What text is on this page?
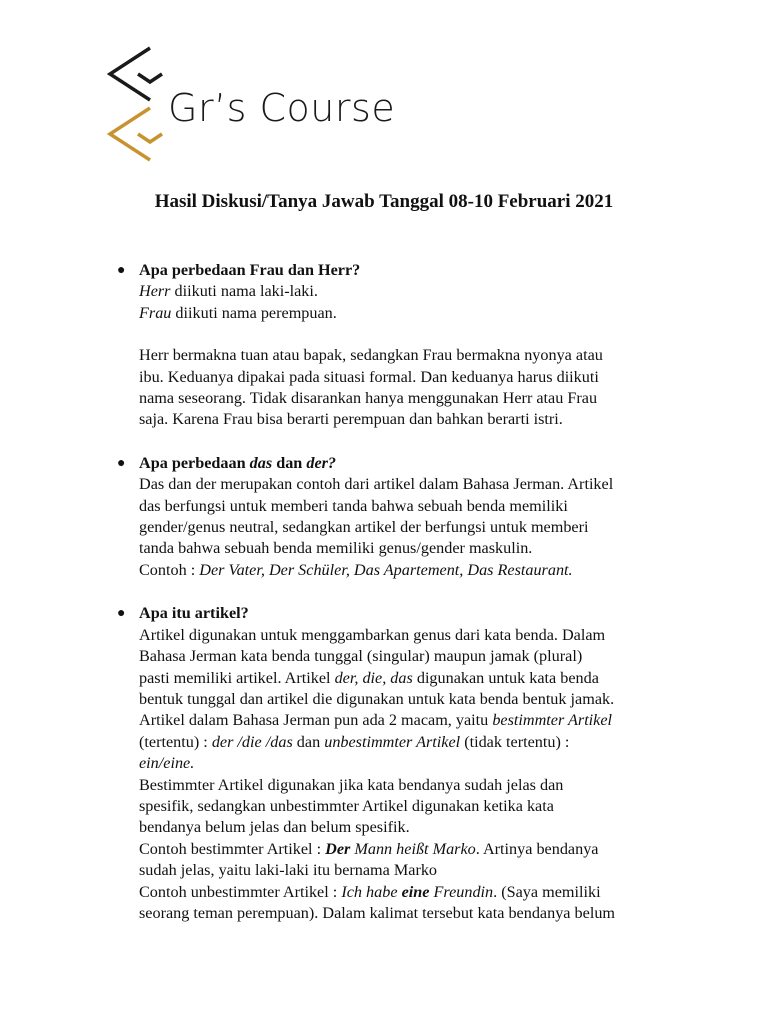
Gr’s Course
Hasil Diskusi/Tanya Jawab Tanggal 08-10 Februari 2021
● Apa perbedaan Frau dan Herr?

Herr diikuti nama laki-laki.

Frau diikuti nama perempuan.

Herr bermakna tuan atau bapak, sedangkan Frau bermakna nyonya atau

ibu. Keduanya dipakai pada situasi formal. Dan keduanya harus diikuti

nama seseorang. Tidak disarankan hanya menggunakan Herr atau Frau

saja. Karena Frau bisa berarti perempuan dan bahkan berarti istri.

● Apa perbedaan das dan der?

Das dan der merupakan contoh dari artikel dalam Bahasa Jerman. Artikel

das berfungsi untuk memberi tanda bahwa sebuah benda memiliki

gender/genus neutral, sedangkan artikel der berfungsi untuk memberi

tanda bahwa sebuah benda memiliki genus/gender maskulin.

Contoh : Der Vater, Der Schüler, Das Apartement, Das Restaurant.

● Apa itu artikel?

Artikel digunakan untuk menggambarkan genus dari kata benda. Dalam

Bahasa Jerman kata benda tunggal (singular) maupun jamak (plural)

pasti memiliki artikel. Artikel der, die, das digunakan untuk kata benda

bentuk tunggal dan artikel die digunakan untuk kata benda bentuk jamak.

Artikel dalam Bahasa Jerman pun ada 2 macam, yaitu bestimmter Artikel

(tertentu) : der /die /das dan unbestimmter Artikel (tidak tertentu) :

ein/eine.

Bestimmter Artikel digunakan jika kata bendanya sudah jelas dan

spesifik, sedangkan unbestimmter Artikel digunakan ketika kata

bendanya belum jelas dan belum spesifik.

Contoh bestimmter Artikel : Der Mann heißt Marko. Artinya bendanya

sudah jelas, yaitu laki-laki itu bernama Marko

Contoh unbestimmter Artikel : Ich habe eine Freundin. (Saya memiliki

seorang teman perempuan). Dalam kalimat tersebut kata bendanya belum
